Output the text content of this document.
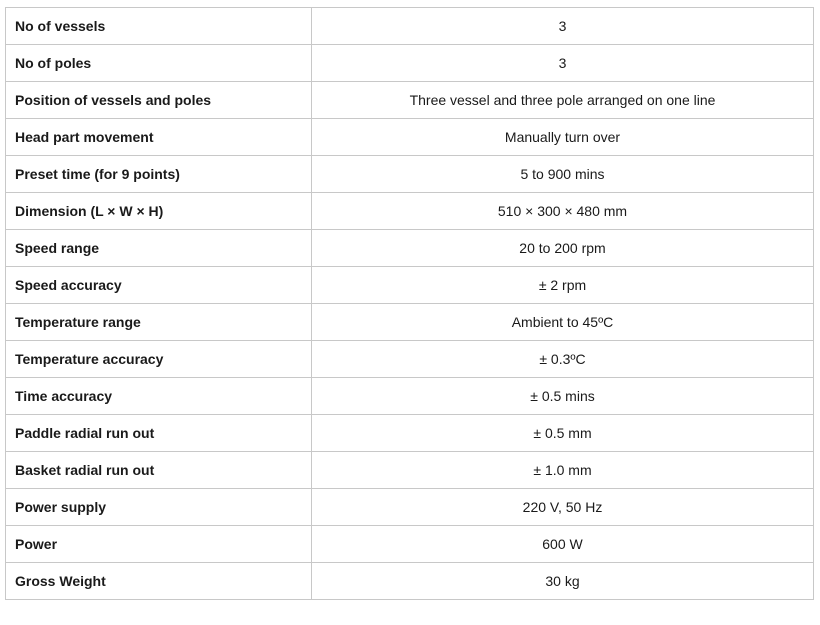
No of vessels	3
No of poles	3
Position of vessels and poles	Three vessel and three pole arranged on one line
Head part movement	Manually turn over
Preset time (for 9 points)	5 to 900 mins
Dimension (L × W × H)	510 × 300 × 480 mm
Speed range	20 to 200 rpm
Speed accuracy	± 2 rpm
Temperature range	Ambient to 45ºC
Temperature accuracy	± 0.3ºC
Time accuracy	± 0.5 mins
Paddle radial run out	± 0.5 mm
Basket radial run out	± 1.0 mm
Power supply	220 V, 50 Hz
Power	600 W
Gross Weight	30 kg
